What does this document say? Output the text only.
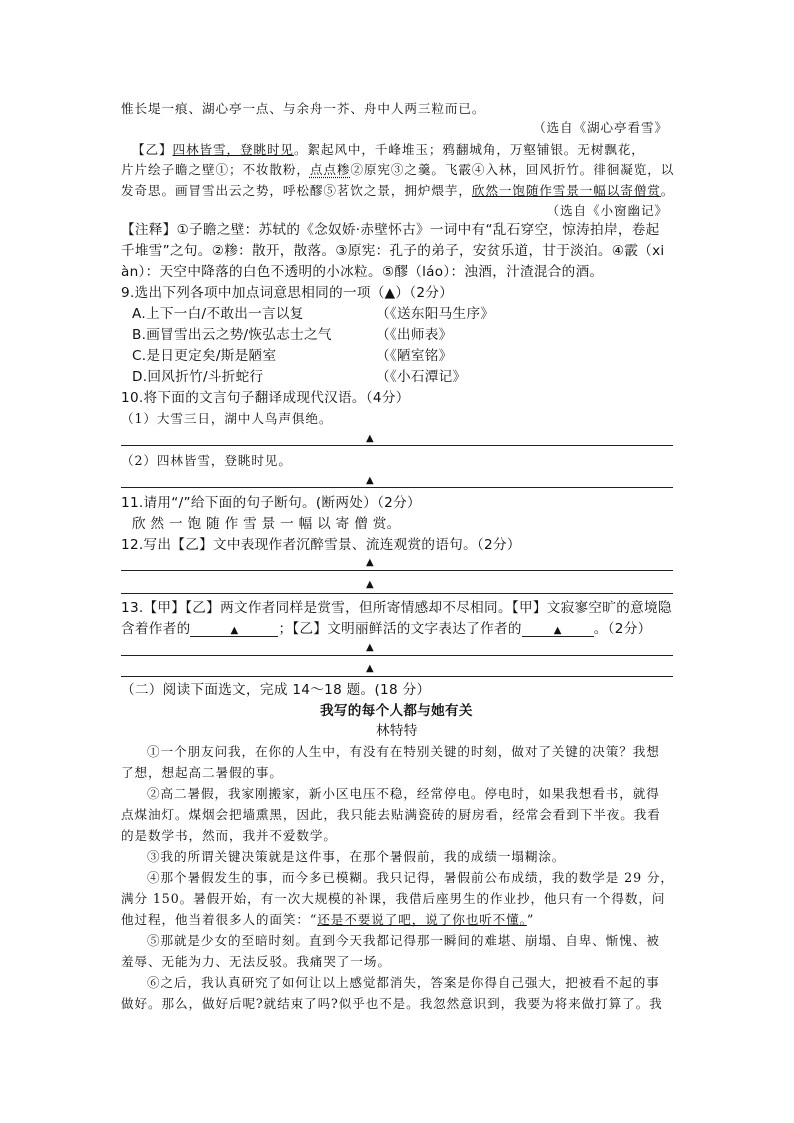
惟长堤一痕、湖心亭一点、与余舟一芥、舟中人两三粒而已。
（选自《湖心亭看雪》
【乙】四林皆雪，登眺时见。絮起风中，千峰堆玉；鸦翻城角，万壑铺银。无树飘花，
片片绘子瞻之壁①；不妆散粉，点点糁②原宪③之羹。飞霰④入林，回风折竹。徘徊凝览，以
发奇思。画冒雪出云之势，呼松醪⑤茗饮之景，拥炉煨芋，欣然一饱随作雪景一幅以寄僧赏。
（选自《小窗幽记》
【注释】①子瞻之壁：苏轼的《念奴娇·赤壁怀古》一词中有“乱石穿空，惊涛拍岸，卷起
千堆雪”之句。②糁：散开，散落。③原宪：孔子的弟子，安贫乐道，甘于淡泊。④霰（xi
àn）：天空中降落的白色不透明的小冰粒。⑤醪（láo）：浊酒，汁渣混合的酒。
9.选出下列各项中加点词意思相同的一项（▲）（2分）
A.上下一白/不敢出一言以复	（《送东阳马生序》
B.画冒雪出云之势/恢弘志士之气	（《出师表》
C.是日更定矣/斯是陋室	（《陋室铭》
D.回风折竹/斗折蛇行	（《小石潭记》
10.将下面的文言句子翻译成现代汉语。（4分）
（1）大雪三日，湖中人鸟声俱绝。
▲
（2）四林皆雪，登眺时见。
▲
11.请用“/”给下面的句子断句。(断两处）（2分）
欣 然 一 饱 随 作 雪 景 一 幅 以 寄 僧 赏。
12.写出【乙】文中表现作者沉醉雪景、流连观赏的语句。（2分）
▲
▲
13.【甲】【乙】两文作者同样是赏雪，但所寄情感却不尽相同。【甲】文寂寥空旷的意境隐
含着作者的	▲	；【乙】文明丽鲜活的文字表达了作者的	▲ 。（2分）
▲
▲
（二）阅读下面选文，完成 14～18 题。(18 分）
我写的每个人都与她有关
林特特
①一个朋友问我，在你的人生中，有没有在特别关键的时刻，做对了关键的决策？我想
了想，想起高二暑假的事。
②高二暑假，我家刚搬家，新小区电压不稳，经常停电。停电时，如果我想看书，就得
点煤油灯。煤烟会把墙熏黑，因此，我只能去贴满瓷砖的厨房看，经常会看到下半夜。我看
的是数学书，然而，我并不爱数学。
③我的所谓关键决策就是这件事，在那个暑假前，我的成绩一塌糊涂。
④那个暑假发生的事，而今多已模糊。我只记得，暑假前公布成绩，我的数学是 29 分，
满分 150。暑假开始，有一次大规模的补课，我借后座男生的作业抄，他只有一个得数，问
他过程，他当着很多人的面笑：“还是不要说了吧，说了你也听不懂。”
⑤那就是少女的至暗时刻。直到今天我都记得那一瞬间的难堪、崩塌、自卑、惭愧、被
羞辱、无能为力、无法反驳。我痛哭了一场。
⑥之后，我认真研究了如何让以上感觉都消失，答案是你得自己强大，把被看不起的事
做好。那么，做好后呢?就结束了吗?似乎也不是。我忽然意识到，我要为将来做打算了。我
